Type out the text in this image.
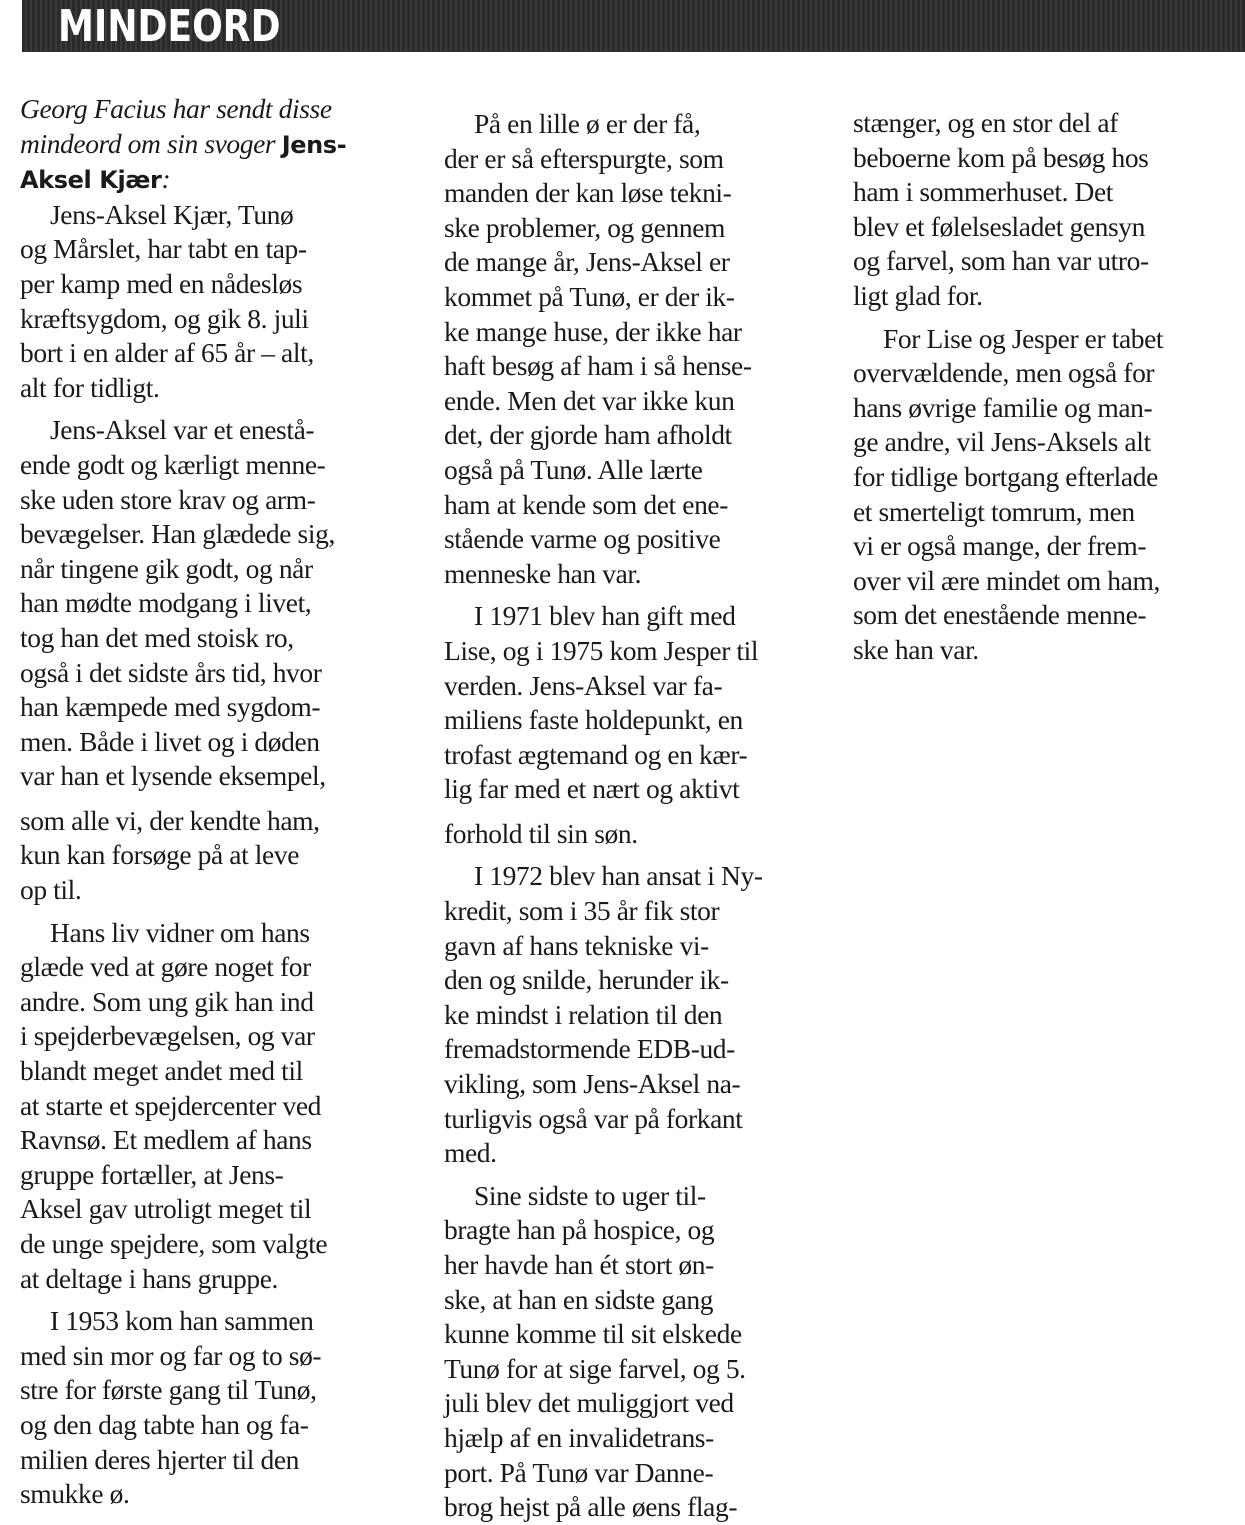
MINDEORD
Georg Facius har sendt disse
mindeord om sin svoger Jens-
Aksel Kjær:
Jens-Aksel Kjær, Tunø
og Mårslet, har tabt en tap-
per kamp med en nådesløs
kræftsygdom, og gik 8. juli
bort i en alder af 65 år – alt,
alt for tidligt.
Jens-Aksel var et enestå-
ende godt og kærligt menne-
ske uden store krav og arm-
bevægelser. Han glædede sig,
når tingene gik godt, og når
han mødte modgang i livet,
tog han det med stoisk ro,
også i det sidste års tid, hvor
han kæmpede med sygdom-
men. Både i livet og i døden
var han et lysende eksempel,
som alle vi, der kendte ham,
kun kan forsøge på at leve
op til.
Hans liv vidner om hans
glæde ved at gøre noget for
andre. Som ung gik han ind
i spejderbevægelsen, og var
blandt meget andet med til
at starte et spejdercenter ved
Ravnsø. Et medlem af hans
gruppe fortæller, at Jens-
Aksel gav utroligt meget til
de unge spejdere, som valgte
at deltage i hans gruppe.
I 1953 kom han sammen
med sin mor og far og to sø-
stre for første gang til Tunø,
og den dag tabte han og fa-
milien deres hjerter til den
smukke ø.
På en lille ø er der få,
der er så efterspurgte, som
manden der kan løse tekni-
ske problemer, og gennem
de mange år, Jens-Aksel er
kommet på Tunø, er der ik-
ke mange huse, der ikke har
haft besøg af ham i så hense-
ende. Men det var ikke kun
det, der gjorde ham afholdt
også på Tunø. Alle lærte
ham at kende som det ene-
stående varme og positive
menneske han var.
I 1971 blev han gift med
Lise, og i 1975 kom Jesper til
verden. Jens-Aksel var fa-
miliens faste holdepunkt, en
trofast ægtemand og en kær-
lig far med et nært og aktivt
forhold til sin søn.
I 1972 blev han ansat i Ny-
kredit, som i 35 år fik stor
gavn af hans tekniske vi-
den og snilde, herunder ik-
ke mindst i relation til den
fremadstormende EDB-ud-
vikling, som Jens-Aksel na-
turligvis også var på forkant
med.
Sine sidste to uger til-
bragte han på hospice, og
her havde han ét stort øn-
ske, at han en sidste gang
kunne komme til sit elskede
Tunø for at sige farvel, og 5.
juli blev det muliggjort ved
hjælp af en invalidetrans-
port. På Tunø var Danne-
brog hejst på alle øens flag-
stænger, og en stor del af
beboerne kom på besøg hos
ham i sommerhuset. Det
blev et følelsesladet gensyn
og farvel, som han var utro-
ligt glad for.
For Lise og Jesper er tabet
overvældende, men også for
hans øvrige familie og man-
ge andre, vil Jens-Aksels alt
for tidlige bortgang efterlade
et smerteligt tomrum, men
vi er også mange, der frem-
over vil ære mindet om ham,
som det enestående menne-
ske han var.
